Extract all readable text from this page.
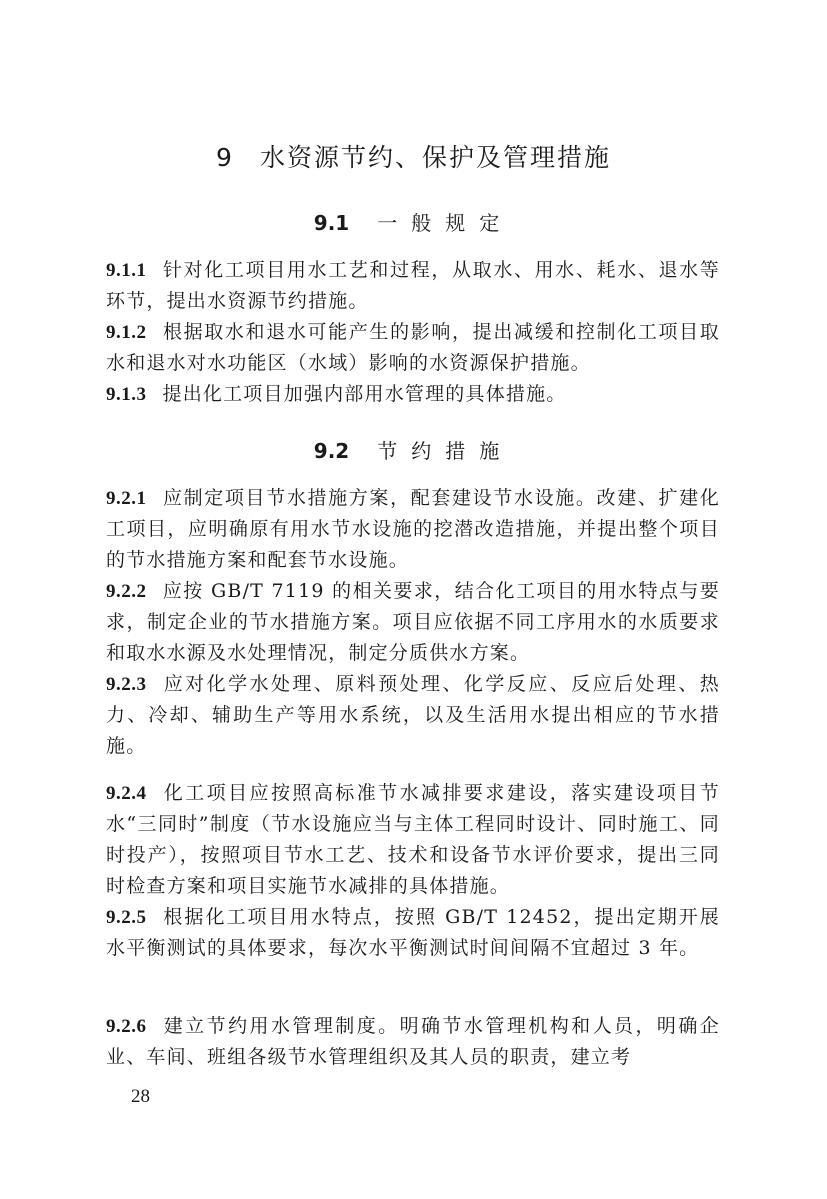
9 水资源节约、保护及管理措施
9.1 一般规定

9.1.1 针对化工项目用水工艺和过程，从取水、用水、耗水、退水等环节，提出水资源节约措施。

9.1.2 根据取水和退水可能产生的影响，提出减缓和控制化工项目取水和退水对水功能区（水域）影响的水资源保护措施。

9.1.3 提出化工项目加强内部用水管理的具体措施。

9.2 节约措施

9.2.1 应制定项目节水措施方案，配套建设节水设施。改建、扩建化工项目，应明确原有用水节水设施的挖潜改造措施，并提出整个项目的节水措施方案和配套节水设施。

9.2.2 应按 GB/T 7119 的相关要求，结合化工项目的用水特点与要求，制定企业的节水措施方案。项目应依据不同工序用水的水质要求和取水水源及水处理情况，制定分质供水方案。

9.2.3 应对化学水处理、原料预处理、化学反应、反应后处理、热力、冷却、辅助生产等用水系统，以及生活用水提出相应的节水措施。

9.2.4 化工项目应按照高标准节水减排要求建设，落实建设项目节水“三同时”制度（节水设施应当与主体工程同时设计、同时施工、同时投产），按照项目节水工艺、技术和设备节水评价要求，提出三同时检查方案和项目实施节水减排的具体措施。

9.2.5 根据化工项目用水特点，按照 GB/T 12452，提出定期开展水平衡测试的具体要求，每次水平衡测试时间间隔不宜超过 3 年。

9.2.6 建立节约用水管理制度。明确节水管理机构和人员，明确企业、车间、班组各级节水管理组织及其人员的职责，建立考

28
